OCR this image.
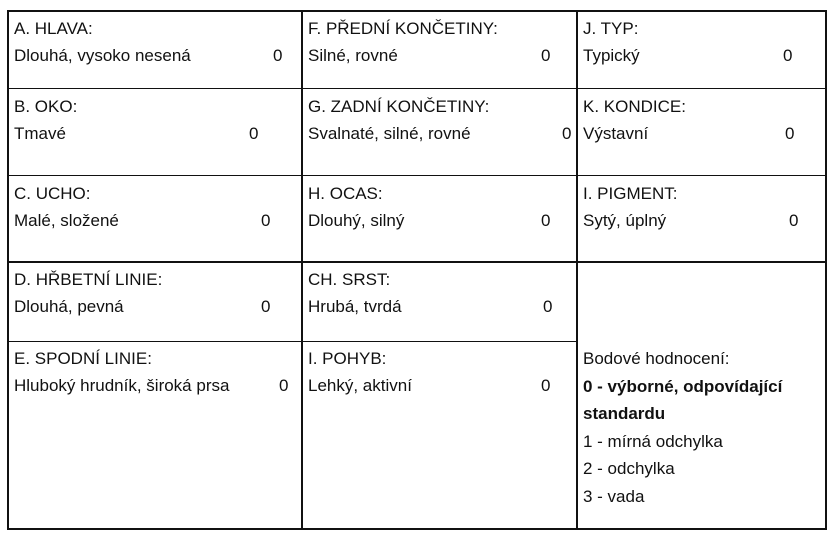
A. HLAVA:
Dlouhá, vysoko nesená	0
F. PŘEDNÍ KONČETINY:
Silné, rovné	0
J. TYP:
Typický	0
B. OKO:
Tmavé	0
G. ZADNÍ KONČETINY:
Svalnaté, silné, rovné	0
K. KONDICE:
Výstavní	0
C. UCHO:
Malé, složené	0
H. OCAS:
Dlouhý, silný	0
I. PIGMENT:
Sytý, úplný	0
D. HŘBETNÍ LINIE:
Dlouhá, pevná	0
CH. SRST:
Hrubá, tvrdá	0
E. SPODNÍ LINIE:
Hluboký hrudník, široká prsa	0
I. POHYB:
Lehký, aktivní	0
Bodové hodnocení:
0 - výborné, odpovídající
standardu
1 - mírná odchylka
2 - odchylka
3 - vada
